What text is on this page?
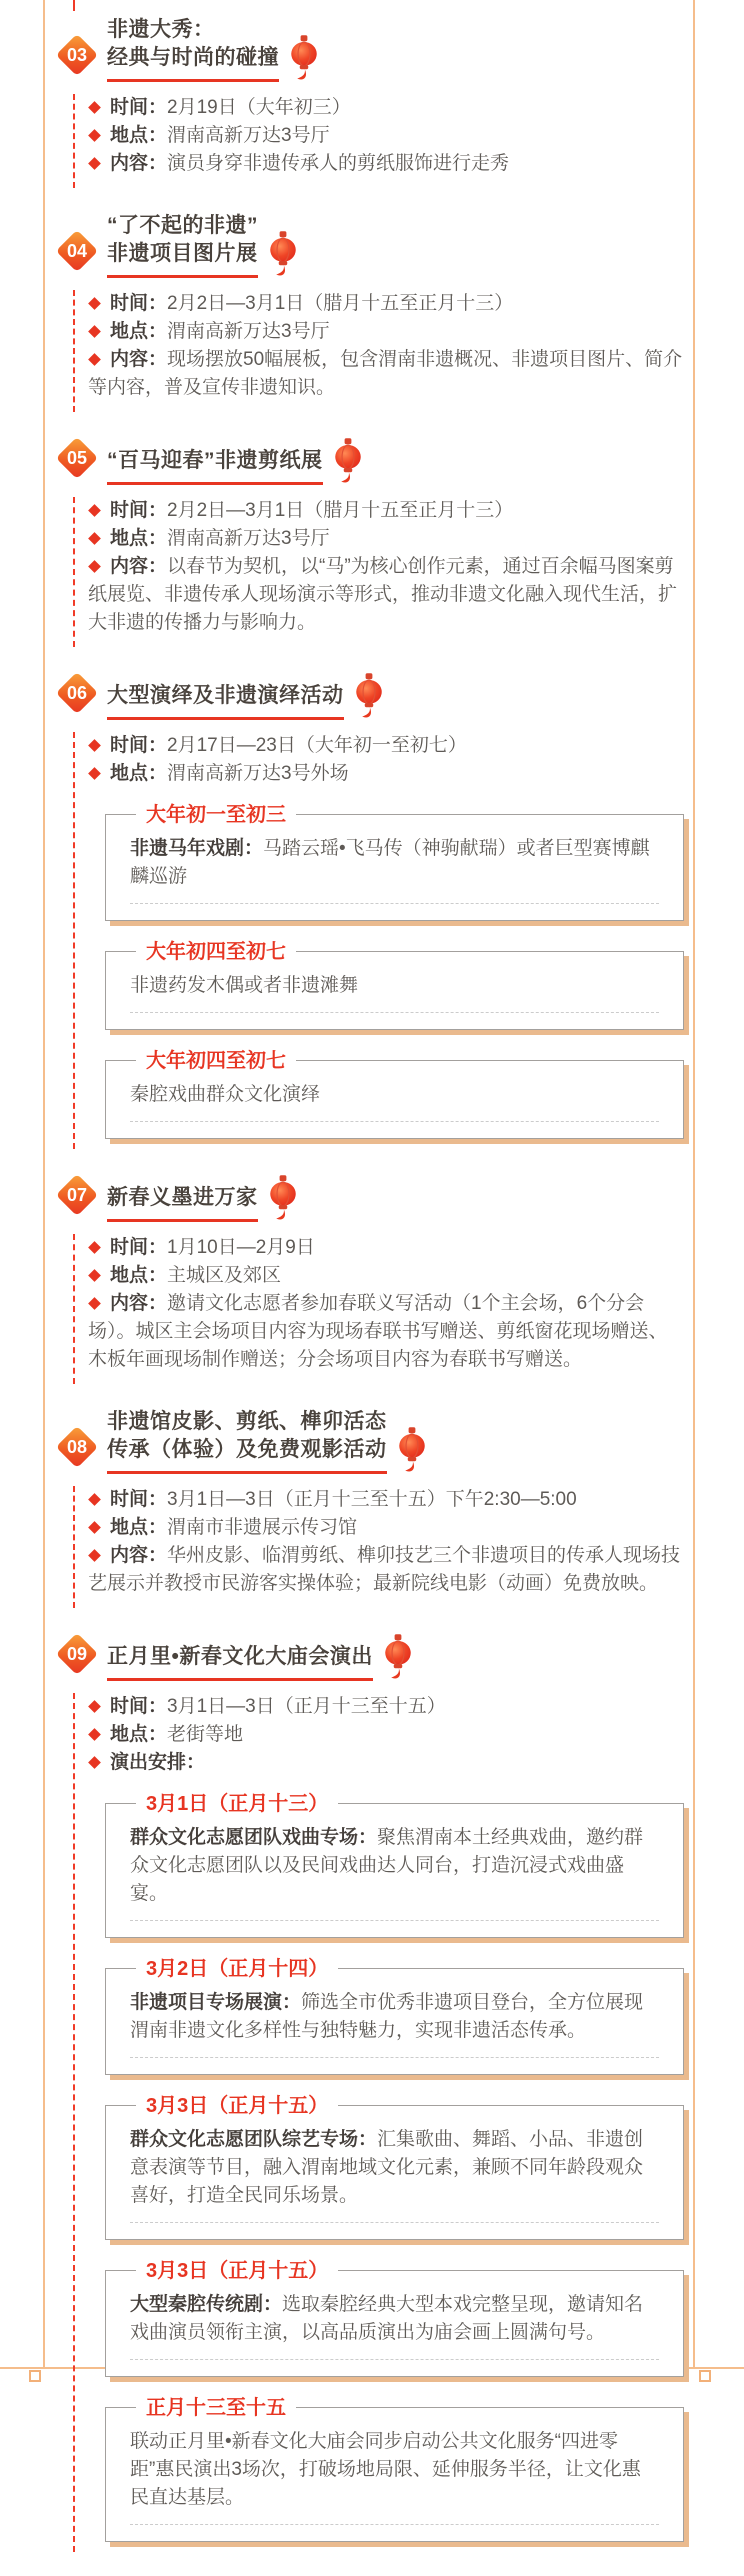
03
非遗大秀：
经典与时尚的碰撞

时间：2月19日（大年初三）

地点：渭南高新万达3号厅

内容：演员身穿非遗传承人的剪纸服饰进行走秀

04
“了不起的非遗”
非遗项目图片展

时间：2月2日—3月1日（腊月十五至正月十三）

地点：渭南高新万达3号厅

内容：现场摆放50幅展板，包含渭南非遗概况、非遗项目图片、简介等内容，普及宣传非遗知识。

05 “百马迎春”非遗剪纸展

时间：2月2日—3月1日（腊月十五至正月十三）

地点：渭南高新万达3号厅

内容：以春节为契机，以“马”为核心创作元素，通过百余幅马图案剪纸展览、非遗传承人现场演示等形式，推动非遗文化融入现代生活，扩大非遗的传播力与影响力。

06 大型演绎及非遗演绎活动

时间：2月17日—23日（大年初一至初七）

地点：渭南高新万达3号外场

大年初一至初三

非遗马年戏剧：马踏云瑶•飞马传（神驹献瑞）或者巨型赛博麒麟巡游

大年初四至初七

非遗药发木偶或者非遗滩舞

大年初四至初七

秦腔戏曲群众文化演绎

07 新春义墨进万家

时间：1月10日—2月9日

地点：主城区及郊区

内容：邀请文化志愿者参加春联义写活动（1个主会场，6个分会场）。城区主会场项目内容为现场春联书写赠送、剪纸窗花现场赠送、木板年画现场制作赠送；分会场项目内容为春联书写赠送。

08
非遗馆皮影、剪纸、榫卯活态
传承（体验）及免费观影活动

时间：3月1日—3日（正月十三至十五）下午2:30—5:00

地点：渭南市非遗展示传习馆

内容：华州皮影、临渭剪纸、榫卯技艺三个非遗项目的传承人现场技艺展示并教授市民游客实操体验；最新院线电影（动画）免费放映。

09 正月里•新春文化大庙会演出

时间：3月1日—3日（正月十三至十五）

地点：老街等地

演出安排：

3月1日（正月十三）

群众文化志愿团队戏曲专场：聚焦渭南本土经典戏曲，邀约群众文化志愿团队以及民间戏曲达人同台，打造沉浸式戏曲盛宴。

3月2日（正月十四）

非遗项目专场展演：筛选全市优秀非遗项目登台，全方位展现渭南非遗文化多样性与独特魅力，实现非遗活态传承。

3月3日（正月十五）

群众文化志愿团队综艺专场：汇集歌曲、舞蹈、小品、非遗创意表演等节目，融入渭南地域文化元素，兼顾不同年龄段观众喜好，打造全民同乐场景。

3月3日（正月十五）

大型秦腔传统剧：选取秦腔经典大型本戏完整呈现，邀请知名戏曲演员领衔主演，以高品质演出为庙会画上圆满句号。

正月十三至十五

联动正月里•新春文化大庙会同步启动公共文化服务“四进零距”惠民演出3场次，打破场地局限、延伸服务半径，让文化惠民直达基层。
